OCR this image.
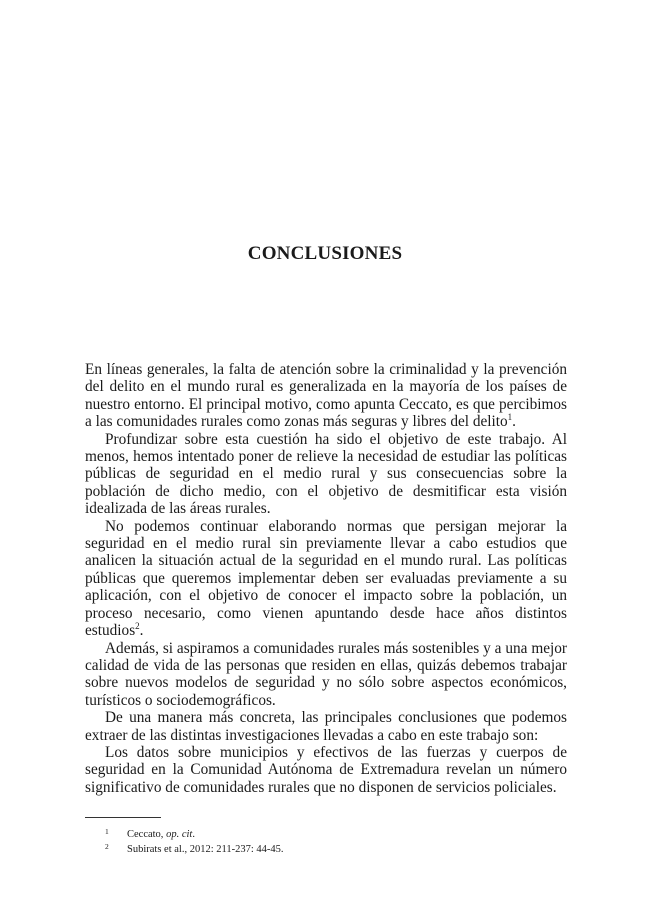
CONCLUSIONES

En líneas generales, la falta de atención sobre la criminalidad y la prevención del delito en el mundo rural es generalizada en la mayoría de los países de nuestro entorno. El principal motivo, como apunta Ceccato, es que percibimos a las comunidades rurales como zonas más seguras y libres del delito$^1$.

Profundizar sobre esta cuestión ha sido el objetivo de este trabajo. Al menos, hemos intentado poner de relieve la necesidad de estudiar las políticas públicas de seguridad en el medio rural y sus consecuencias sobre la población de dicho medio, con el objetivo de desmitificar esta visión idealizada de las áreas rurales.

No podemos continuar elaborando normas que persigan mejorar la seguridad en el medio rural sin previamente llevar a cabo estudios que analicen la situación actual de la seguridad en el mundo rural. Las políticas públicas que queremos implementar deben ser evaluadas previamente a su aplicación, con el objetivo de conocer el impacto sobre la población, un proceso necesario, como vienen apuntando desde hace años distintos estudios$^2$.

Además, si aspiramos a comunidades rurales más sostenibles y a una mejor calidad de vida de las personas que residen en ellas, quizás debemos trabajar sobre nuevos modelos de seguridad y no sólo sobre aspectos económicos, turísticos o sociodemográficos.

De una manera más concreta, las principales conclusiones que podemos extraer de las distintas investigaciones llevadas a cabo en este trabajo son:

Los datos sobre municipios y efectivos de las fuerzas y cuerpos de seguridad en la Comunidad Autónoma de Extremadura revelan un número significativo de comunidades rurales que no disponen de servicios policiales.

1	Ceccato, op. cit.
2	Subirats et al., 2012: 211-237: 44-45.
